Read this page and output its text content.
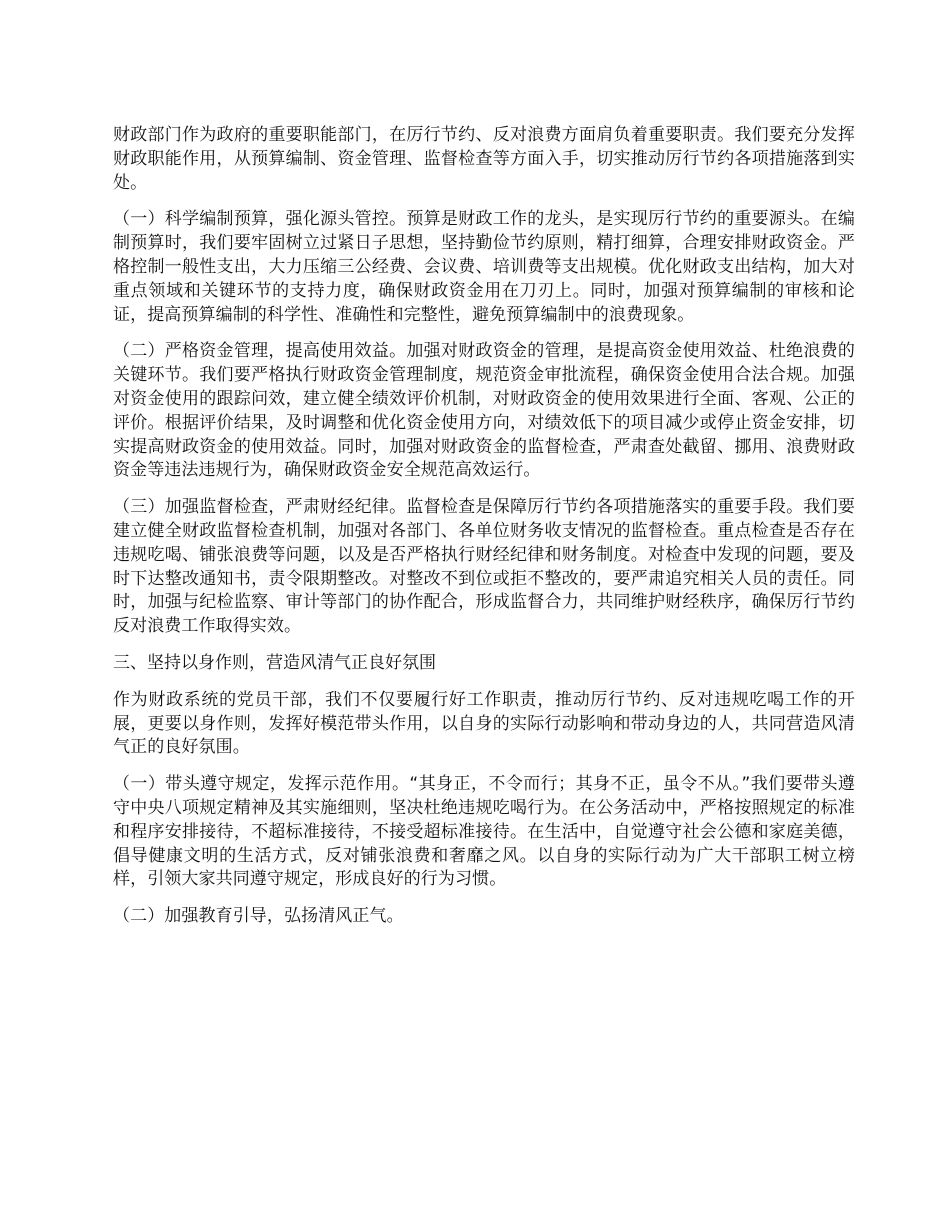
财政部门作为政府的重要职能部门，在厉行节约、反对浪费方面肩负着重要职责。我们要充分发挥财政职能作用，从预算编制、资金管理、监督检查等方面入手，切实推动厉行节约各项措施落到实处。

（一）科学编制预算，强化源头管控。预算是财政工作的龙头，是实现厉行节约的重要源头。在编制预算时，我们要牢固树立过紧日子思想，坚持勤俭节约原则，精打细算，合理安排财政资金。严格控制一般性支出，大力压缩三公经费、会议费、培训费等支出规模。优化财政支出结构，加大对重点领域和关键环节的支持力度，确保财政资金用在刀刃上。同时，加强对预算编制的审核和论证，提高预算编制的科学性、准确性和完整性，避免预算编制中的浪费现象。

（二）严格资金管理，提高使用效益。加强对财政资金的管理，是提高资金使用效益、杜绝浪费的关键环节。我们要严格执行财政资金管理制度，规范资金审批流程，确保资金使用合法合规。加强对资金使用的跟踪问效，建立健全绩效评价机制，对财政资金的使用效果进行全面、客观、公正的评价。根据评价结果，及时调整和优化资金使用方向，对绩效低下的项目减少或停止资金安排，切实提高财政资金的使用效益。同时，加强对财政资金的监督检查，严肃查处截留、挪用、浪费财政资金等违法违规行为，确保财政资金安全规范高效运行。

（三）加强监督检查，严肃财经纪律。监督检查是保障厉行节约各项措施落实的重要手段。我们要建立健全财政监督检查机制，加强对各部门、各单位财务收支情况的监督检查。重点检查是否存在违规吃喝、铺张浪费等问题，以及是否严格执行财经纪律和财务制度。对检查中发现的问题，要及时下达整改通知书，责令限期整改。对整改不到位或拒不整改的，要严肃追究相关人员的责任。同时，加强与纪检监察、审计等部门的协作配合，形成监督合力，共同维护财经秩序，确保厉行节约反对浪费工作取得实效。

三、坚持以身作则，营造风清气正良好氛围

作为财政系统的党员干部，我们不仅要履行好工作职责，推动厉行节约、反对违规吃喝工作的开展，更要以身作则，发挥好模范带头作用，以自身的实际行动影响和带动身边的人，共同营造风清气正的良好氛围。

（一）带头遵守规定，发挥示范作用。“其身正，不令而行；其身不正，虽令不从。”我们要带头遵守中央八项规定精神及其实施细则，坚决杜绝违规吃喝行为。在公务活动中，严格按照规定的标准和程序安排接待，不超标准接待，不接受超标准接待。在生活中，自觉遵守社会公德和家庭美德，倡导健康文明的生活方式，反对铺张浪费和奢靡之风。以自身的实际行动为广大干部职工树立榜样，引领大家共同遵守规定，形成良好的行为习惯。

（二）加强教育引导，弘扬清风正气。
